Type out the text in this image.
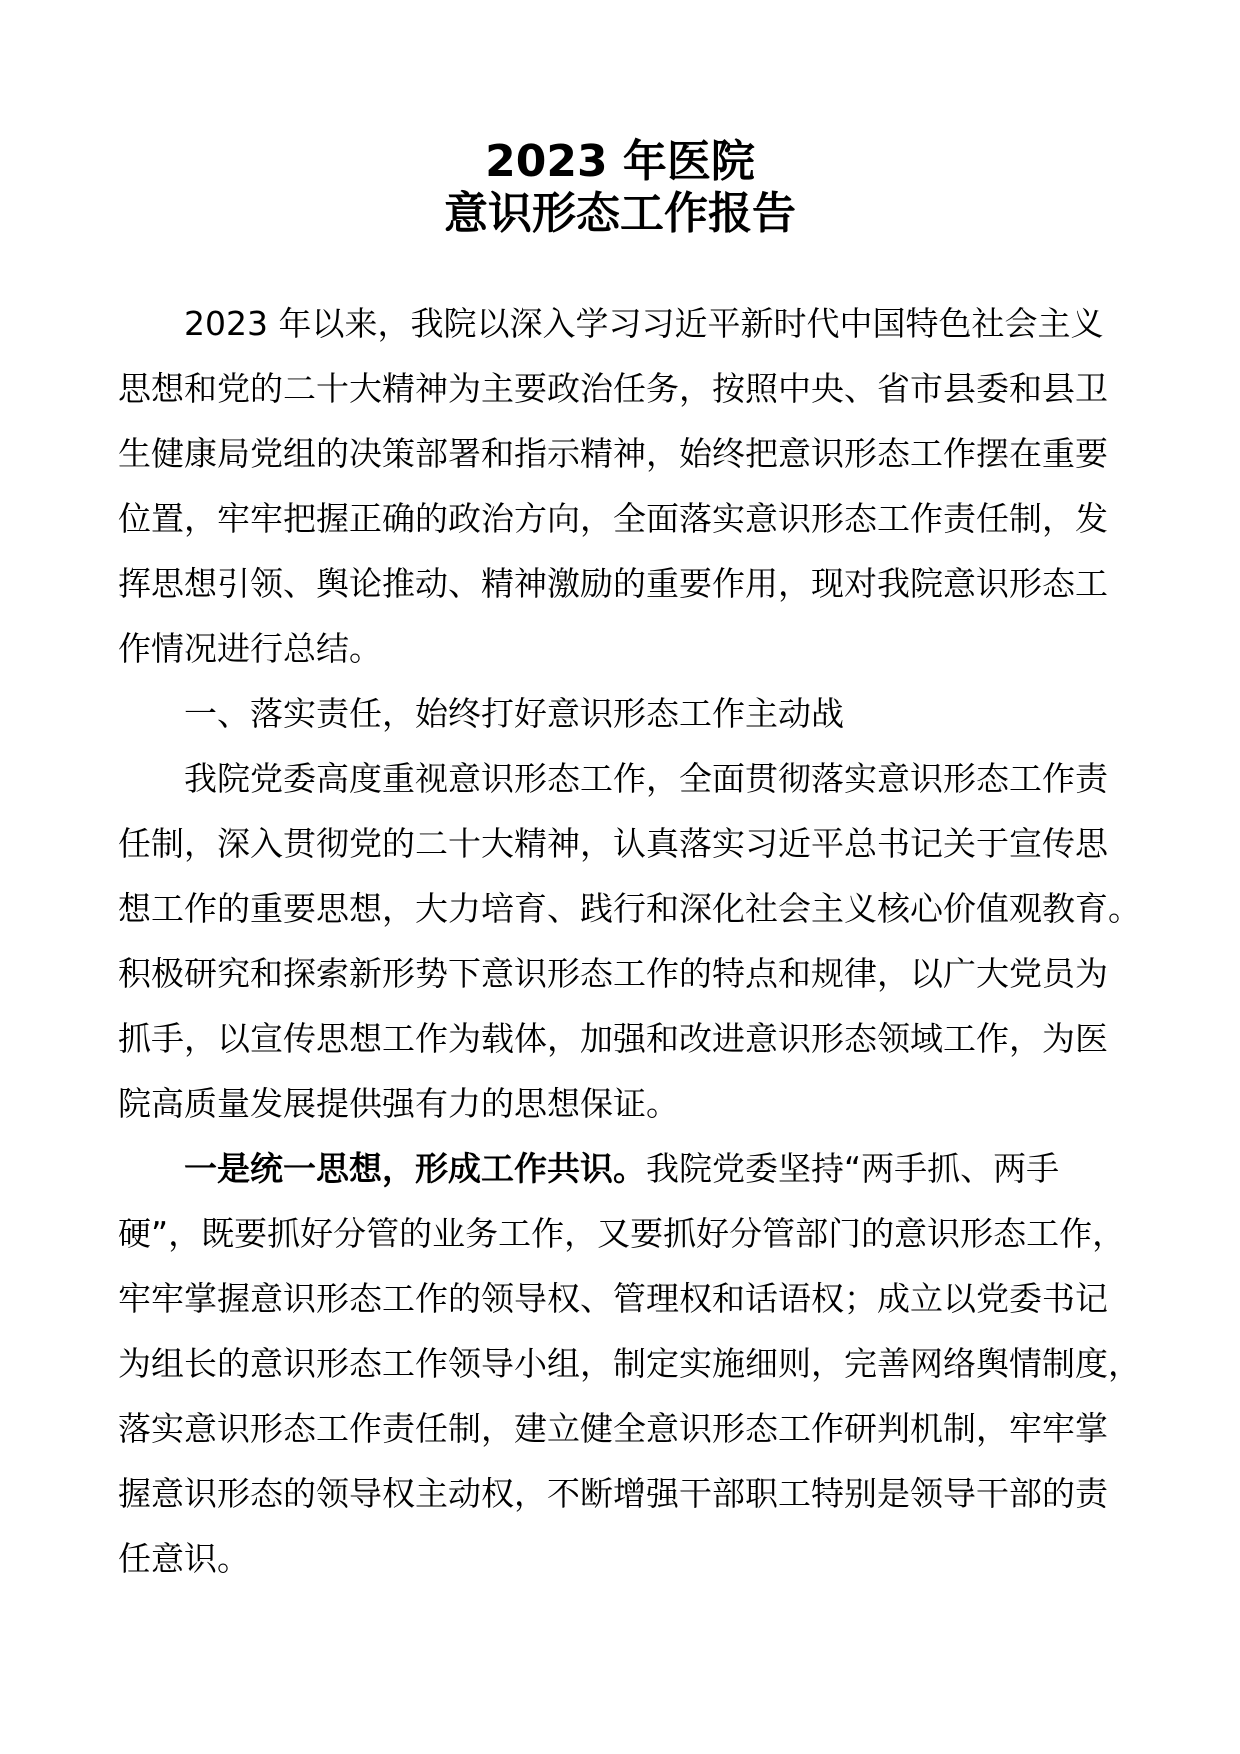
2023 年医院
意识形态工作报告
2023 年以来，我院以深入学习习近平新时代中国特色社会主义
思想和党的二十大精神为主要政治任务，按照中央、省市县委和县卫
生健康局党组的决策部署和指示精神，始终把意识形态工作摆在重要
位置，牢牢把握正确的政治方向，全面落实意识形态工作责任制，发
挥思想引领、舆论推动、精神激励的重要作用，现对我院意识形态工
作情况进行总结。
一、落实责任，始终打好意识形态工作主动战
我院党委高度重视意识形态工作，全面贯彻落实意识形态工作责
任制，深入贯彻党的二十大精神，认真落实习近平总书记关于宣传思
想工作的重要思想，大力培育、践行和深化社会主义核心价值观教育。
积极研究和探索新形势下意识形态工作的特点和规律，以广大党员为
抓手，以宣传思想工作为载体，加强和改进意识形态领域工作，为医
院高质量发展提供强有力的思想保证。
一是统一思想，形成工作共识。我院党委坚持“两手抓、两手
硬”，既要抓好分管的业务工作，又要抓好分管部门的意识形态工作，
牢牢掌握意识形态工作的领导权、管理权和话语权；成立以党委书记
为组长的意识形态工作领导小组，制定实施细则，完善网络舆情制度，
落实意识形态工作责任制，建立健全意识形态工作研判机制，牢牢掌
握意识形态的领导权主动权，不断增强干部职工特别是领导干部的责
任意识。
